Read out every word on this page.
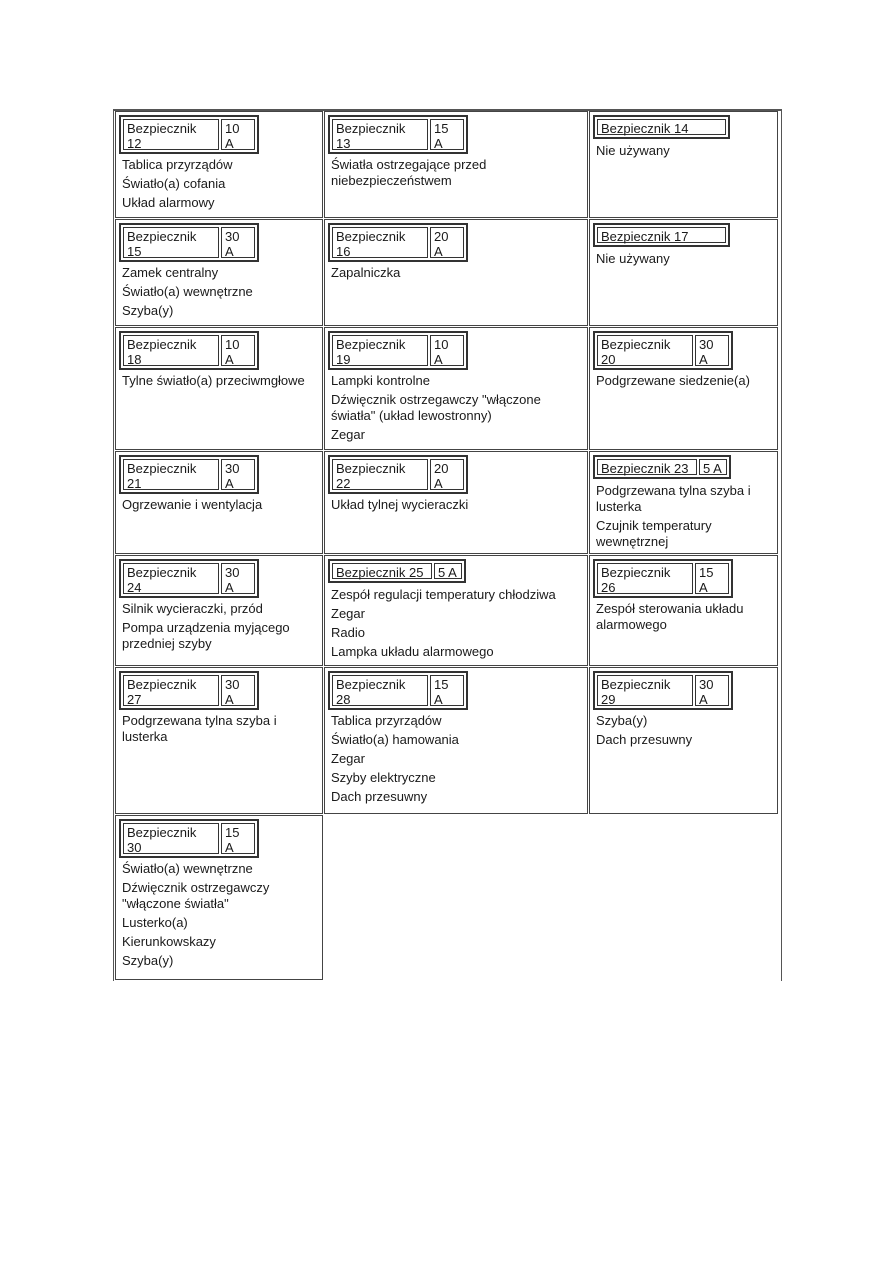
Bezpiecznik
12
10
A
Tablica przyrządów
Światło(a) cofania
Układ alarmowy
Bezpiecznik
13
15
A
Światła ostrzegające przed niebezpieczeństwem
Bezpiecznik 14
Nie używany
Bezpiecznik
15
30
A
Zamek centralny
Światło(a) wewnętrzne
Szyba(y)
Bezpiecznik
16
20
A
Zapalniczka
Bezpiecznik 17
Nie używany
Bezpiecznik
18
10
A
Tylne światło(a) przeciwmgłowe
Bezpiecznik
19
10
A
Lampki kontrolne
Dźwięcznik ostrzegawczy "włączone światła" (układ lewostronny)
Zegar
Bezpiecznik
20
30
A
Podgrzewane siedzenie(a)
Bezpiecznik
21
30
A
Ogrzewanie i wentylacja
Bezpiecznik
22
20
A
Układ tylnej wycieraczki
Bezpiecznik 23	5 A
Podgrzewana tylna szyba i lusterka
Czujnik temperatury wewnętrznej
Bezpiecznik
24
30
A
Silnik wycieraczki, przód
Pompa urządzenia myjącego przedniej szyby
Bezpiecznik 25	5 A
Zespół regulacji temperatury chłodziwa
Zegar
Radio
Lampka układu alarmowego
Bezpiecznik
26
15
A
Zespół sterowania układu alarmowego
Bezpiecznik
27
30
A
Podgrzewana tylna szyba i lusterka
Bezpiecznik
28
15
A
Tablica przyrządów
Światło(a) hamowania
Zegar
Szyby elektryczne
Dach przesuwny
Bezpiecznik
29
30
A
Szyba(y)
Dach przesuwny
Bezpiecznik
30
15
A
Światło(a) wewnętrzne
Dźwięcznik ostrzegawczy "włączone światła"
Lusterko(a)
Kierunkowskazy
Szyba(y)
